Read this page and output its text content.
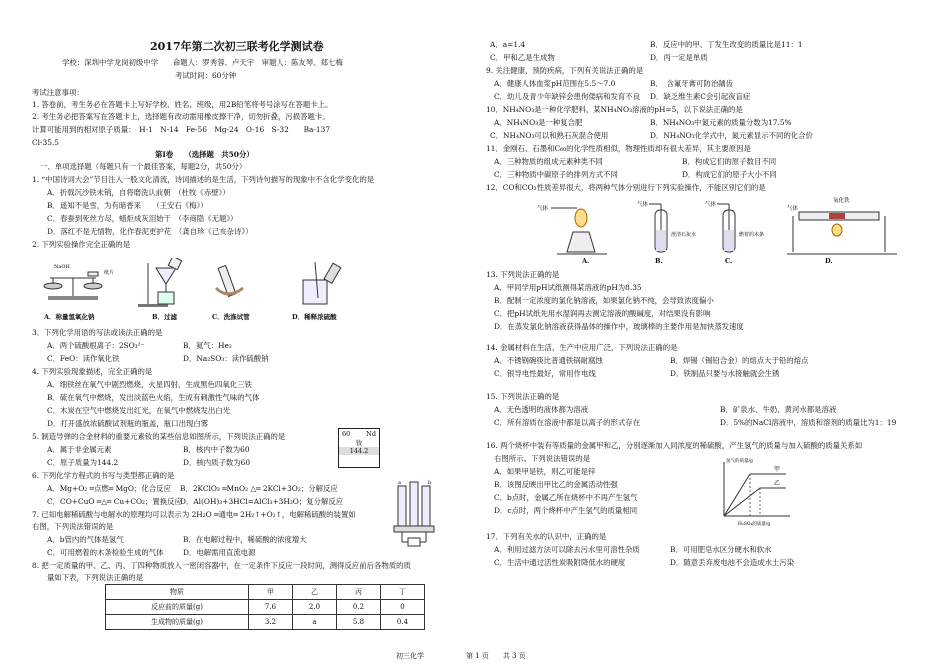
2017年第二次初三联考化学测试卷
学校：深圳中学龙岗初级中学　　命题人：罗秀蓉、卢天宇　审题人：陈友琴、郑七梅
考试时间：60分钟
考试注意事项：
1. 答卷前，考生务必在答题卡上写好学校、姓名、班级，用2B铅笔将考号涂写在答题卡上。
2. 考生务必把答案写在答题卡上，选择题有改动需用橡皮擦干净，切勿折叠，污损答题卡。
计算可能用到的相对原子质量：　H-1　N-14　Fe-56　Mg-24　O-16　S-32　　Ba-137
Cl-35.5
第Ⅰ卷　　（选择题　共50分）
一、单项选择题（每题只有一个最佳答案，每题2分，共50分）
1. “中国诗词大会”节目注入一股文化清流，诗词描述的是生活，下列诗句描写的现象中不含化学变化的是
A．折戟沉沙铁未销，自将磨洗认前朝　（杜牧《赤壁》）
B．遥知不是雪，为有暗香来　　（王安石《梅》）
C．春蚕到死丝方尽，蜡炬成灰泪始干　（李商隐《无题》）
D．落红不是无情物，化作春泥更护花　（龚自珍《己亥杂诗》）
2. 下列实验操作完全正确的是
NaOH
纸片
A．称量氢氧化钠	B．过滤	C．洗涤试管	D．稀释浓硫酸
3．下列化学用语的写法或读法正确的是
A．两个硫酸根离子：2SO₃²⁻	B．氦气：He₂
C．FeO：读作氧化铁	D．Na₂SO₃：读作硫酸钠
4. 下列实验现象描述，完全正确的是
A．细铁丝在氧气中剧烈燃烧，火星四射，生成黑色四氧化三铁
B．硫在氧气中燃烧，发出淡蓝色火焰，生成有刺激性气味的气体
C．木炭在空气中燃烧发出红光，在氧气中燃烧发出白光
D．打开盛放浓硫酸试剂瓶的瓶盖，瓶口出现白雾
5. 制造导弹的合金材料的重要元素钕的某些信息如图所示，下列说法正确的是
A．属于非金属元素	B．核内中子数为60
C．原子质量为144.2	D．核内质子数为60
60 Nd
钕
144.2
6. 下列化学方程式的书写与类型都正确的是
A．Mg+O₂ ═点燃═ MgO；化合反应 B．2KClO₃ ═MnO₂ △═ 2KCl+3O₂；分解反应
C．CO+CuO ═△═ Cu+CO₂；置换反应
D．Al(OH)₃+3HCl=AlCl₃+3H₂O；复分解反应
7. 已知电解稀硫酸与电解水的原理均可以表示为 2H₂O ═通电═ 2H₂↑+O₂↑，电解稀硫酸的装置如
右图，下列说法错误的是
A．b管内的气体是氢气	B．在电解过程中，稀硫酸的浓度增大
C．可用燃着的木条检验生成的气体	D．电解需用直流电源
a	b
8. 把一定质量的甲、乙、丙、丁四种物质放入一密闭容器中，在一定条件下反应一段时间，测得反应前后各物质的质
量如下表，下列说法正确的是
物质	甲	乙	丙	丁
反应前的质量(g)	7.6	2.0	0.2	0
生成物的质量(g)	3.2	a	5.8	0.4
A．a=1.4	B．反应中的甲、丁发生改变的质量比是11：1
C．甲和乙是生成物	D．丙一定是单质
9. 关注健康，预防疾病，下列有关说法正确的是
A．健康人体血浆pH范围在5.5～7.0	B．　含氟牙膏可防治龋齿
C．幼儿及青少年缺锌会患佝偻病和发育不良 D．缺乏维生素C会引起夜盲症
10．NH₄NO₃是一种化学肥料，某NH₄NO₃溶液的pH=5，以下说法正确的是
A．NH₄NO₃是一种复合肥	B．NH₄NO₃中氮元素的质量分数为17.5%
C．NH₄NO₃可以和熟石灰混合使用	D．NH₄NO₃化学式中，氮元素显示不同的化合价
11．金刚石、石墨和C₆₀的化学性质相似，物理性质却有很大差异，其主要原因是
A．三种物质的组成元素种类不同	B．构成它们的原子数目不同
C．三种物质中碳原子的排列方式不同	D．构成它们的原子大小不同
12．CO和CO₂性质差异很大，将两种气体分别进行下列实验操作，不能区别它们的是
气体
气体
澄清石灰水
气体
燃着的木条
气体
氧化铁
A.	B.	C.	D.
13. 下列说法正确的是
A．甲同学用pH试纸测得某溶液的pH为8.35
B．配制一定浓度的氯化钠溶液，如果氯化钠不纯，会导致浓度偏小
C．把pH试纸先用水湿润再去测定溶液的酸碱度，对结果没有影响
D．在蒸发氯化钠溶液获得晶体的操作中，玻璃棒的主要作用是加快蒸发速度
14. 金属材料在生活、生产中应用广泛，下列说法正确的是
A．不锈钢碗筷比普通铁锅耐腐蚀	B．焊锡（锡铅合金）的熔点大于铅的熔点
C．银导电性最好，常用作电线	D．铁制品只要与水接触就会生锈
15. 下列说法正确的是
A．无色透明的液体都为溶液	B．矿泉水、牛奶、黄河水都是溶液
C．所有溶质在溶液中都是以离子的形式存在	D．5%的NaCl溶液中，溶质和溶剂的质量比为1：19
16. 两个烧杯中装有等质量的金属甲和乙，分别逐渐加入同浓度的稀硫酸，产生氢气的质量与加入硫酸的质量关系如
右图所示。下列说法错误的是
A．如果甲是铁，则乙可能是锌
B．该图反映出甲比乙的金属活动性强
C．b点时，金属乙所在烧杯中不再产生氢气
D．c点时，两个烧杯中产生氢气的质量相同
甲
乙
氢气的质量/g
H₂SO₄的质量/g
17．下列有关水的认识中，正确的是
A．利用过滤方法可以除去污水里可溶性杂质	B．可用肥皂水区分硬水和软水
C．生活中通过活性炭吸附降低水的硬度	D．随意丢弃废电池不会造成水土污染
初三化学	第 1 页　　共 3 页
